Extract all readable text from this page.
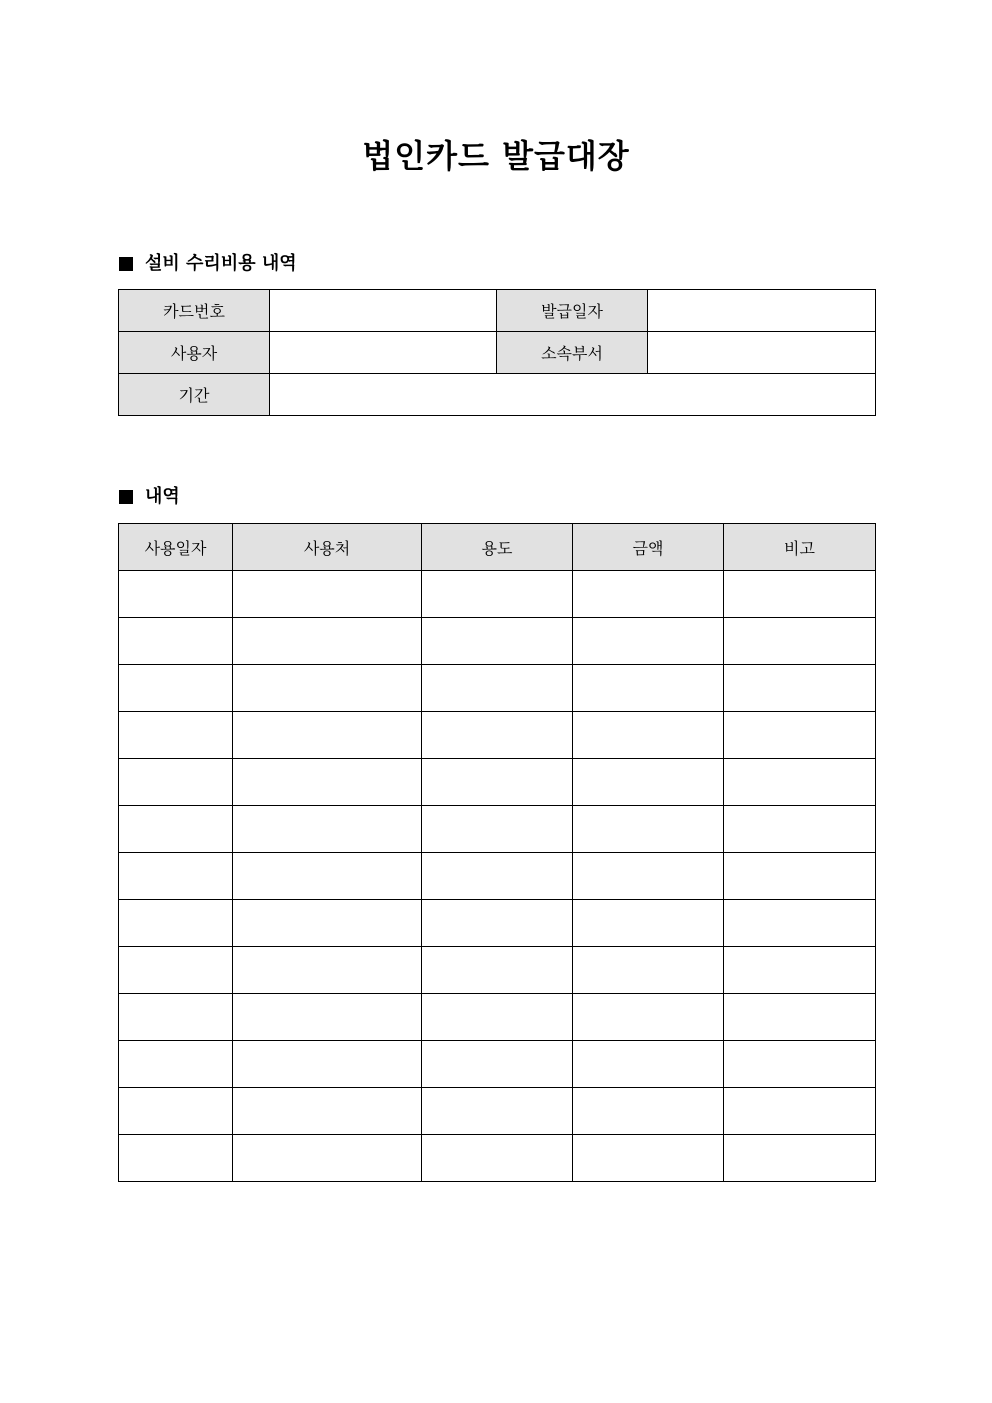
법인카드 발급대장
설비 수리비용 내역
카드번호		발급일자	
사용자		소속부서	
기간			
내역
사용일자	사용처	용도	금액	비고
